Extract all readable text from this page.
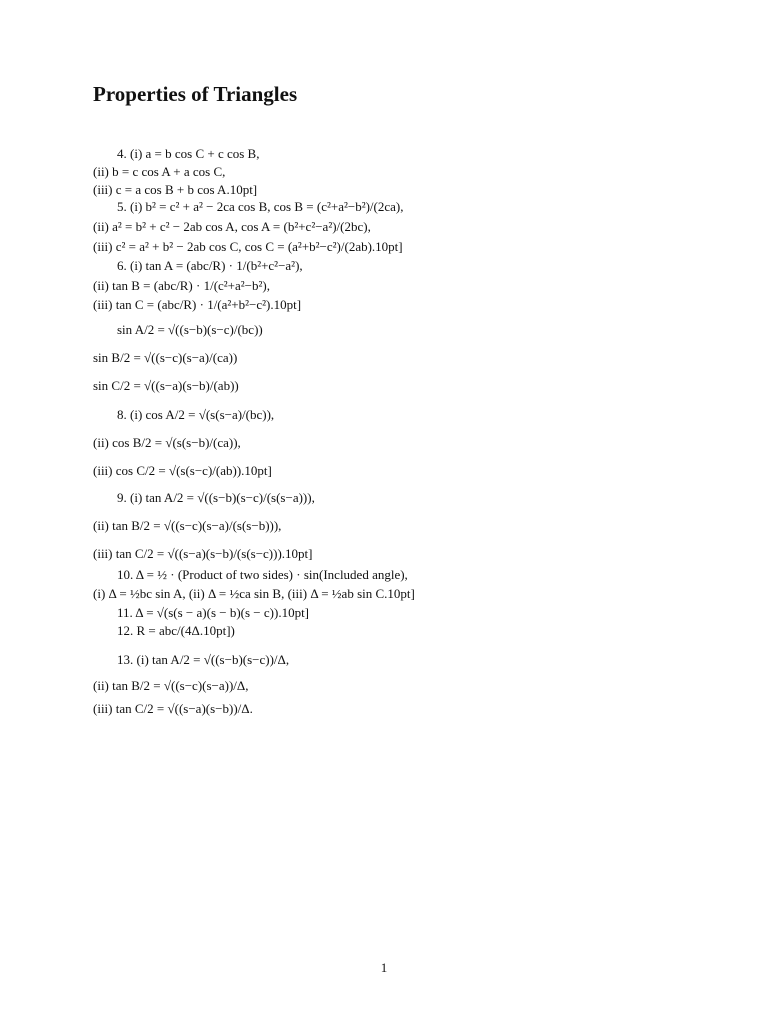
Properties of Triangles
4. (i) a = b cos C + c cos B,
(ii) b = c cos A + a cos C,
(iii) c = a cos B + b cos A.10pt]
5. (i) b² = c² + a² − 2ca cos B, cos B = (c²+a²−b²)/(2ca),
(ii) a² = b² + c² − 2ab cos A, cos A = (b²+c²−a²)/(2bc),
(iii) c² = a² + b² − 2ab cos C, cos C = (a²+b²−c²)/(2ab).10pt]
6. (i) tan A = (abc/R) · 1/(b²+c²−a²),
(ii) tan B = (abc/R) · 1/(c²+a²−b²),
(iii) tan C = (abc/R) · 1/(a²+b²−c²).10pt]
sin A/2 = √((s−b)(s−c)/(bc))
sin B/2 = √((s−c)(s−a)/(ca))
sin C/2 = √((s−a)(s−b)/(ab))
8. (i) cos A/2 = √(s(s−a)/(bc)),
(ii) cos B/2 = √(s(s−b)/(ca)),
(iii) cos C/2 = √(s(s−c)/(ab)).10pt]
9. (i) tan A/2 = √((s−b)(s−c)/(s(s−a))),
(ii) tan B/2 = √((s−c)(s−a)/(s(s−b))),
(iii) tan C/2 = √((s−a)(s−b)/(s(s−c))).10pt]
10. Δ = ½ · (Product of two sides) · sin(Included angle),
(i) Δ = ½bc sin A, (ii) Δ = ½ca sin B, (iii) Δ = ½ab sin C.10pt]
11. Δ = √(s(s − a)(s − b)(s − c)).10pt]
12. R = abc/(4Δ.10pt])
13. (i) tan A/2 = √((s−b)(s−c))/Δ,
(ii) tan B/2 = √((s−c)(s−a))/Δ,
(iii) tan C/2 = √((s−a)(s−b))/Δ.
1
